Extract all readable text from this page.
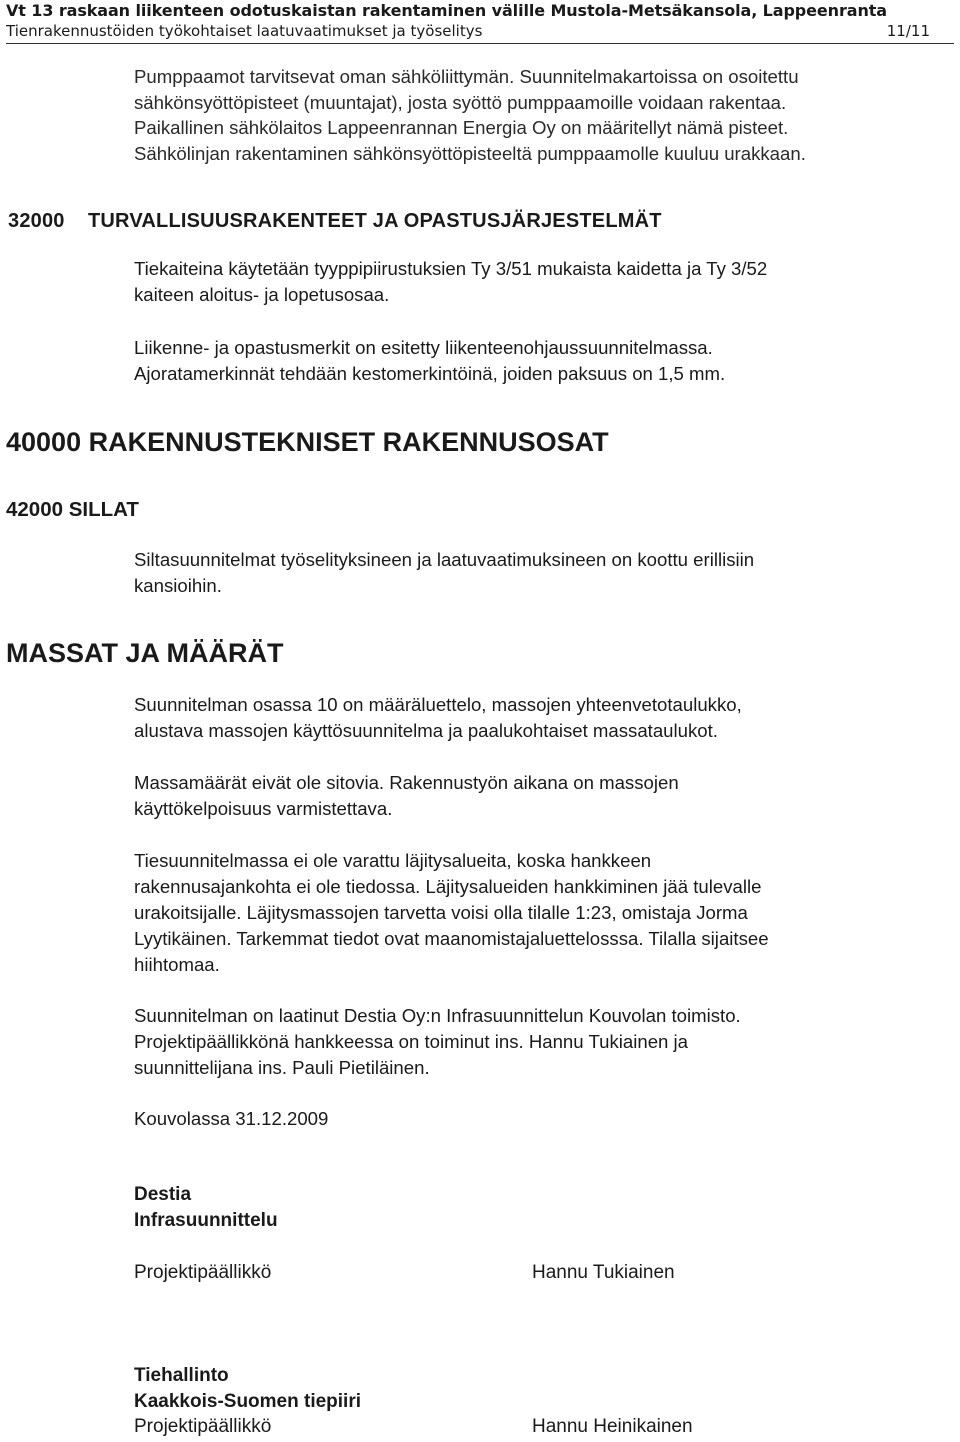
Vt 13 raskaan liikenteen odotuskaistan rakentaminen välille Mustola-Metsäkansola, Lappeenranta
Tienrakennustöiden työkohtaiset laatuvaatimukset ja työselitys	11/11
Pumppaamot tarvitsevat oman sähköliittymän. Suunnitelmakartoissa on osoitettu
sähkönsyöttöpisteet (muuntajat), josta syöttö pumppaamoille voidaan rakentaa.
Paikallinen sähkölaitos Lappeenrannan Energia Oy on määritellyt nämä pisteet.
Sähkölinjan rakentaminen sähkönsyöttöpisteeltä pumppaamolle kuuluu urakkaan.
32000 TURVALLISUUSRAKENTEET JA OPASTUSJÄRJESTELMÄT
Tiekaiteina käytetään tyyppipiirustuksien Ty 3/51 mukaista kaidetta ja Ty 3/52
kaiteen aloitus- ja lopetusosaa.
Liikenne- ja opastusmerkit on esitetty liikenteenohjaussuunnitelmassa.
Ajoratamerkinnät tehdään kestomerkintöinä, joiden paksuus on 1,5 mm.
40000 RAKENNUSTEKNISET RAKENNUSOSAT
42000 SILLAT
Siltasuunnitelmat työselityksineen ja laatuvaatimuksineen on koottu erillisiin
kansioihin.
MASSAT JA MÄÄRÄT
Suunnitelman osassa 10 on määräluettelo, massojen yhteenvetotaulukko,
alustava massojen käyttösuunnitelma ja paalukohtaiset massataulukot.
Massamäärät eivät ole sitovia. Rakennustyön aikana on massojen
käyttökelpoisuus varmistettava.
Tiesuunnitelmassa ei ole varattu läjitysalueita, koska hankkeen
rakennusajankohta ei ole tiedossa. Läjitysalueiden hankkiminen jää tulevalle
urakoitsijalle. Läjitysmassojen tarvetta voisi olla tilalle 1:23, omistaja Jorma
Lyytikäinen. Tarkemmat tiedot ovat maanomistajaluettelosssa. Tilalla sijaitsee
hiihtomaa.
Suunnitelman on laatinut Destia Oy:n Infrasuunnittelun Kouvolan toimisto.
Projektipäällikkönä hankkeessa on toiminut ins. Hannu Tukiainen ja
suunnittelijana ins. Pauli Pietiläinen.
Kouvolassa 31.12.2009
Destia
Infrasuunnittelu
Projektipäällikkö	Hannu Tukiainen
Tiehallinto
Kaakkois-Suomen tiepiiri
Projektipäällikkö	Hannu Heinikainen
